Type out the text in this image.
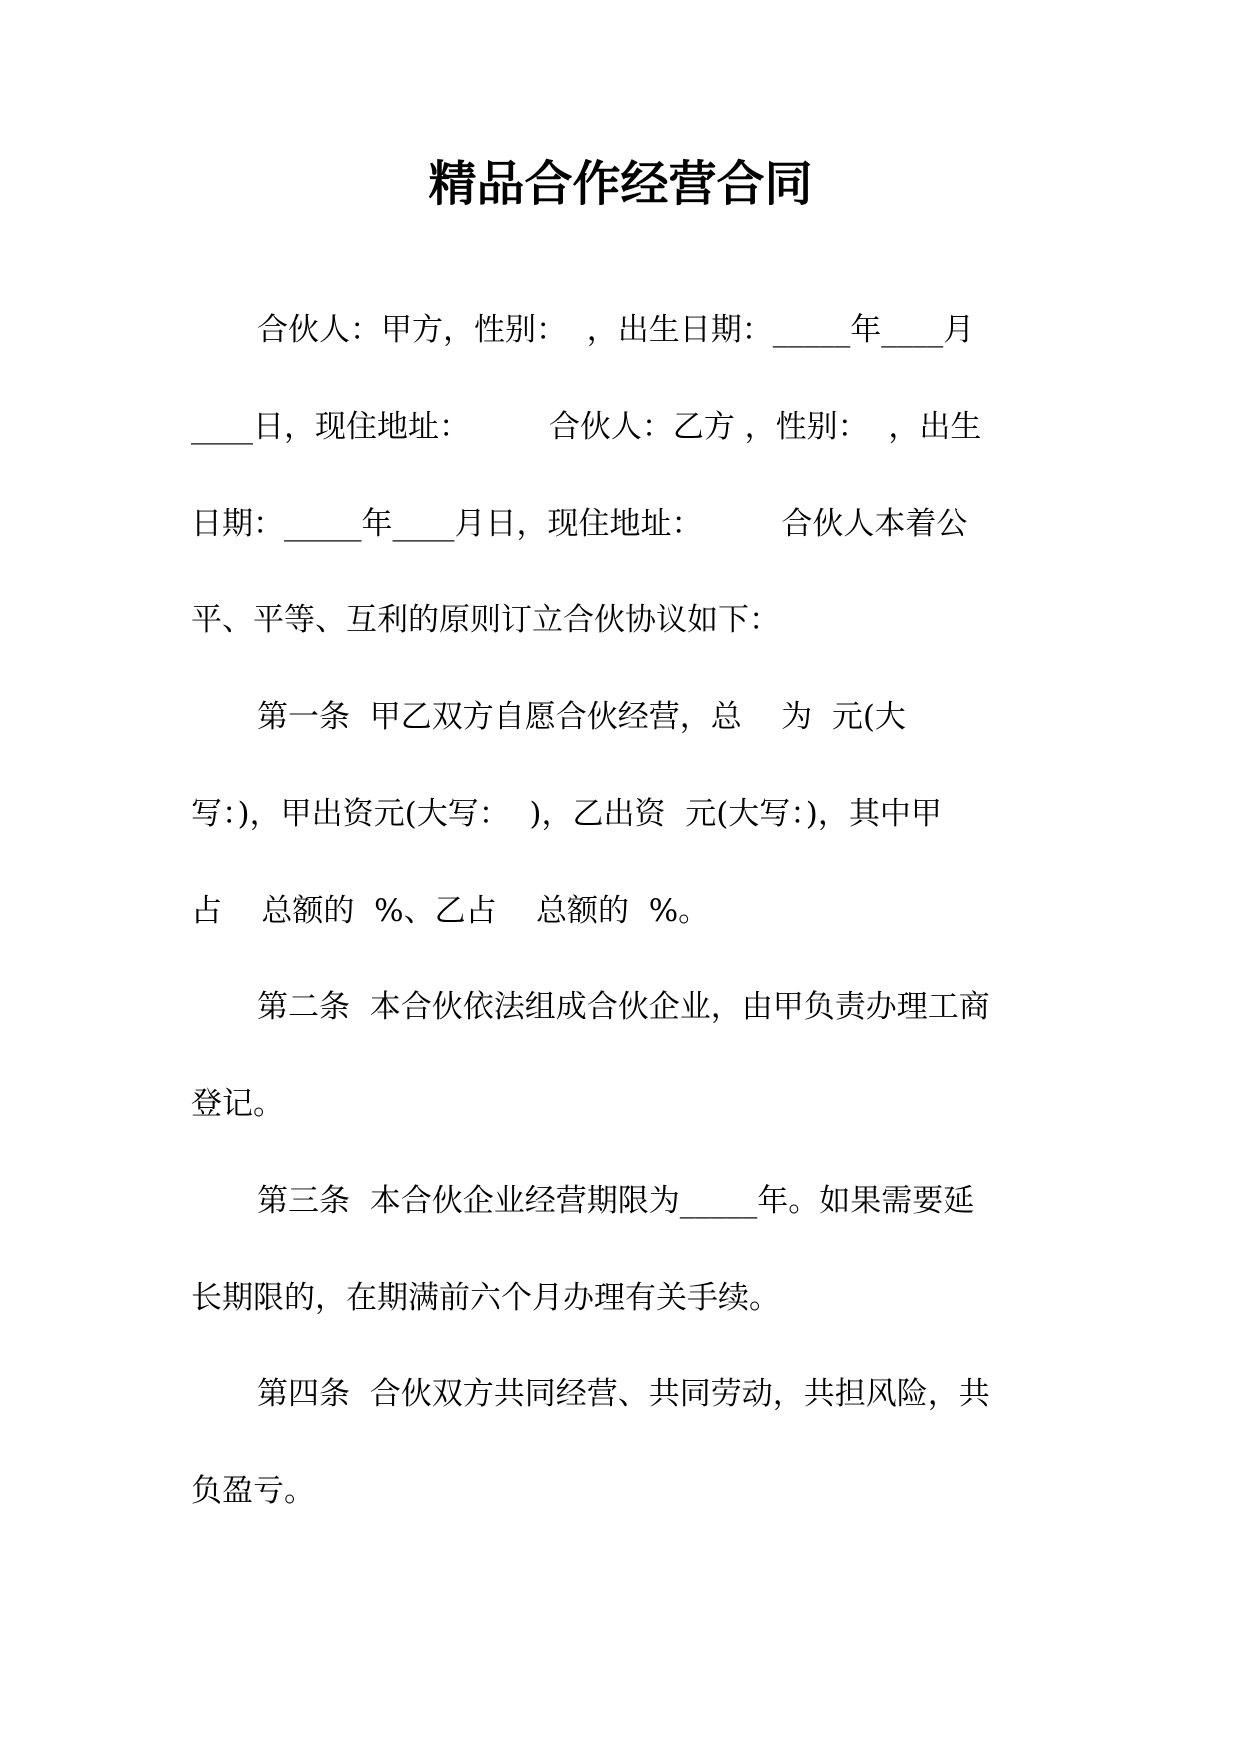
精品合作经营合同
合伙人：甲方，性别：  ，出生日期：_____年____月
____日，现住地址：        合伙人：乙方 ，性别：  ，出生
日期：_____年____月日，现住地址：        合伙人本着公
平、平等、互利的原则订立合伙协议如下：
第一条  甲乙双方自愿合伙经营，总    为  元(大
写：)，甲出资元(大写：  )，乙出资  元(大写：)，其中甲
占    总额的  %、乙占    总额的  %。
第二条  本合伙依法组成合伙企业，由甲负责办理工商
登记。
第三条  本合伙企业经营期限为_____年。如果需要延
长期限的，在期满前六个月办理有关手续。
第四条  合伙双方共同经营、共同劳动，共担风险，共
负盈亏。
